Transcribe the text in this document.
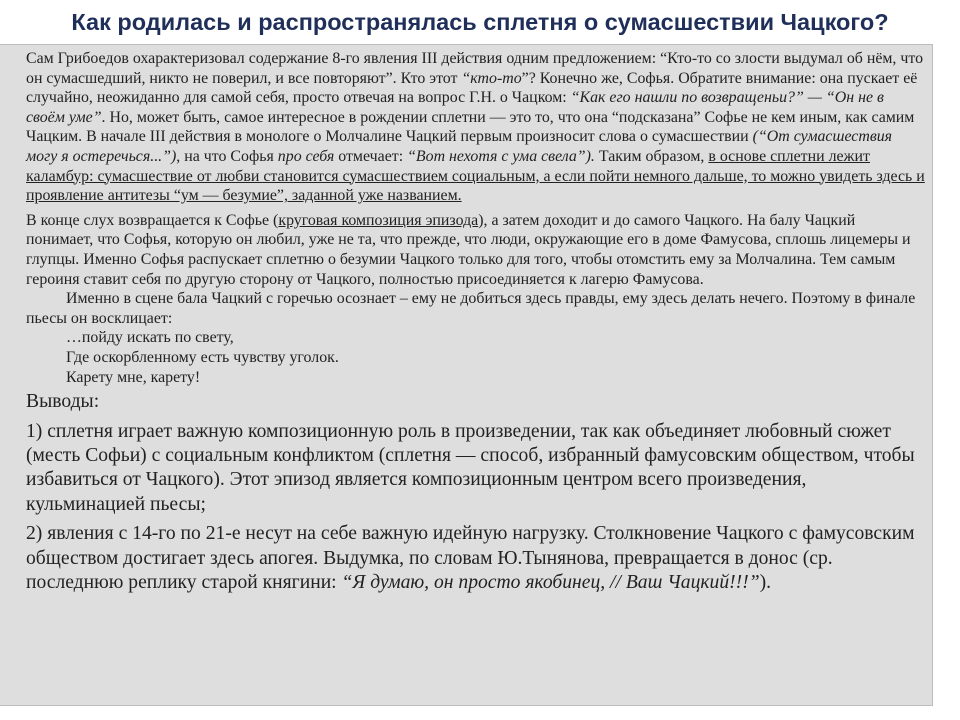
Как родилась и распространялась сплетня о сумасшествии Чацкого?

Сам Грибоедов охарактеризовал содержание 8-го явления III действия одним предложением: “Кто-то со злости выдумал об нём, что он сумасшедший, никто не поверил, и все повторяют”. Кто этот “кто-то”? Конечно же, Софья. Обратите внимание: она пускает её случайно, неожиданно для самой себя, просто отвечая на вопрос Г.Н. о Чацком: “Как его нашли по возвращеньи?” — “Он не в своём уме”. Но, может быть, самое интересное в рождении сплетни — это то, что она “подсказана” Софье не кем иным, как самим Чацким. В начале III действия в монологе о Молчалине Чацкий первым произносит слова о сумасшествии (“От сумасшествия могу я остеречься...”), на что Софья про себя отмечает: “Вот нехотя с ума свела”). Таким образом, в основе сплетни лежит каламбур: сумасшествие от любви становится сумасшествием социальным, а если пойти немного дальше, то можно увидеть здесь и проявление антитезы “ум — безумие”, заданной уже названием.

В конце слух возвращается к Софье (круговая композиция эпизода), а затем доходит и до самого Чацкого. На балу Чацкий понимает, что Софья, которую он любил, уже не та, что прежде, что люди, окружающие его в доме Фамусова, сплошь лицемеры и глупцы. Именно Софья распускает сплетню о безумии Чацкого только для того, чтобы отомстить ему за Молчалина. Тем самым героиня ставит себя по другую сторону от Чацкого, полностью присоединяется к лагерю Фамусова.

Именно в сцене бала Чацкий с горечью осознает – ему не добиться здесь правды, ему здесь делать нечего. Поэтому в финале пьесы он восклицает:

…пойду искать по свету,

Где оскорбленному есть чувству уголок.

Карету мне, карету!

Выводы:

1) сплетня играет важную композиционную роль в произведении, так как объединяет любовный сюжет (месть Софьи) с социальным конфликтом (сплетня — способ, избранный фамусовским обществом, чтобы избавиться от Чацкого). Этот эпизод является композиционным центром всего произведения, кульминацией пьесы;

2) явления с 14-го по 21-е несут на себе важную идейную нагрузку. Столкновение Чацкого с фамусовским обществом достигает здесь апогея. Выдумка, по словам Ю.Тынянова, превращается в донос (ср. последнюю реплику старой княгини: “Я думаю, он просто якобинец, // Ваш Чацкий!!!”).
